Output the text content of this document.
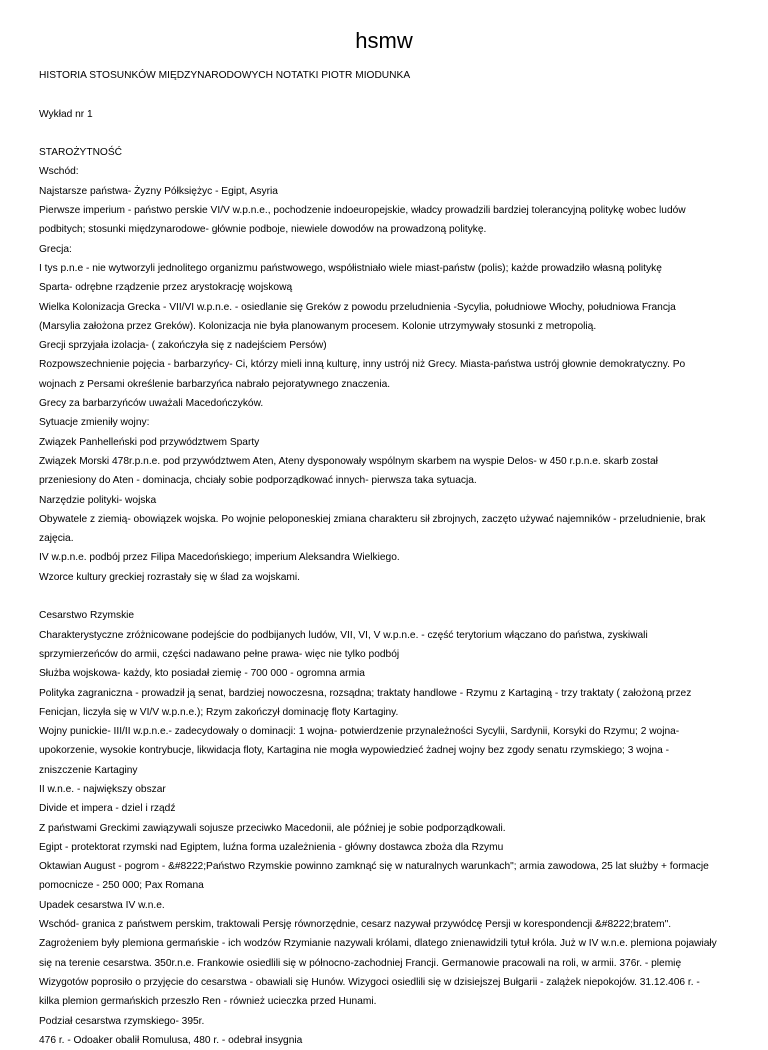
hsmw
HISTORIA STOSUNKÓW MIĘDZYNARODOWYCH NOTATKI PIOTR MIODUNKA
Wykład nr 1
STAROŻYTNOŚĆ
Wschód:
Najstarsze państwa- Żyzny Półksiężyc - Egipt, Asyria
Pierwsze imperium - państwo perskie VI/V w.p.n.e., pochodzenie indoeuropejskie, władcy prowadzili bardziej tolerancyjną politykę wobec ludów
podbitych; stosunki międzynarodowe- głównie podboje, niewiele dowodów na prowadzoną politykę.
Grecja:
I tys p.n.e - nie wytworzyli jednolitego organizmu państwowego, współistniało wiele miast-państw (polis); każde prowadziło własną politykę
Sparta- odrębne rządzenie przez arystokrację wojskową
Wielka Kolonizacja Grecka - VII/VI w.p.n.e. - osiedlanie się Greków z powodu przeludnienia -Sycylia, południowe Włochy, południowa Francja
(Marsylia założona przez Greków). Kolonizacja nie była planowanym procesem. Kolonie utrzymywały stosunki z metropolią.
Grecji sprzyjała izolacja- ( zakończyła się z nadejściem Persów)
Rozpowszechnienie pojęcia - barbarzyńcy- Ci, którzy mieli inną kulturę, inny ustrój niż Grecy. Miasta-państwa ustrój głownie demokratyczny. Po
wojnach z Persami określenie barbarzyńca nabrało pejoratywnego znaczenia.
Grecy za barbarzyńców uważali Macedończyków.
Sytuacje zmieniły wojny:
Związek Panhelleński pod przywództwem Sparty
Związek Morski 478r.p.n.e. pod przywództwem Aten, Ateny dysponowały wspólnym skarbem na wyspie Delos- w 450 r.p.n.e. skarb został
przeniesiony do Aten - dominacja, chciały sobie podporządkować innych- pierwsza taka sytuacja.
Narzędzie polityki- wojska
Obywatele z ziemią- obowiązek wojska. Po wojnie peloponeskiej zmiana charakteru sił zbrojnych, zaczęto używać najemników - przeludnienie, brak
zajęcia.
IV w.p.n.e. podbój przez Filipa Macedońskiego; imperium Aleksandra Wielkiego.
Wzorce kultury greckiej rozrastały się w ślad za wojskami.
Cesarstwo Rzymskie
Charakterystyczne zróżnicowane podejście do podbijanych ludów, VII, VI, V w.p.n.e. - część terytorium włączano do państwa, zyskiwali
sprzymierzeńców do armii, części nadawano pełne prawa- więc nie tylko podbój
Służba wojskowa- każdy, kto posiadał ziemię - 700 000 - ogromna armia
Polityka zagraniczna - prowadził ją senat, bardziej nowoczesna, rozsądna; traktaty handlowe - Rzymu z Kartaginą - trzy traktaty ( założoną przez
Fenicjan, liczyła się w VI/V w.p.n.e.); Rzym zakończył dominację floty Kartaginy.
Wojny punickie- III/II w.p.n.e.- zadecydowały o dominacji: 1 wojna- potwierdzenie przynależności Sycylii, Sardynii, Korsyki do Rzymu; 2 wojna-
upokorzenie, wysokie kontrybucje, likwidacja floty, Kartagina nie mogła wypowiedzieć żadnej wojny bez zgody senatu rzymskiego; 3 wojna -
zniszczenie Kartaginy
II w.n.e. - największy obszar
Divide et impera - dziel i rządź
Z państwami Greckimi zawiązywali sojusze przeciwko Macedonii, ale później je sobie podporządkowali.
Egipt - protektorat rzymski nad Egiptem, luźna forma uzależnienia - główny dostawca zboża dla Rzymu
Oktawian August - pogrom - &#8222;Państwo Rzymskie powinno zamknąć się w naturalnych warunkach"; armia zawodowa, 25 lat służby + formacje
pomocnicze - 250 000; Pax Romana
Upadek cesarstwa IV w.n.e.
Wschód- granica z państwem perskim, traktowali Persję równorzędnie, cesarz nazywał przywódcę Persji w korespondencji &#8222;bratem".
Zagrożeniem były plemiona germańskie - ich wodzów Rzymianie nazywali królami, dlatego znienawidzili tytuł króla. Już w IV w.n.e. plemiona pojawiały
się na terenie cesarstwa. 350r.n.e. Frankowie osiedlili się w północno-zachodniej Francji. Germanowie pracowali na roli, w armii. 376r. - plemię
Wizygotów poprosiło o przyjęcie do cesarstwa - obawiali się Hunów. Wizygoci osiedlili się w dzisiejszej Bułgarii - zalążek niepokojów. 31.12.406 r. -
kilka plemion germańskich przeszło Ren - również ucieczka przed Hunami.
Podział cesarstwa rzymskiego- 395r.
476 r. - Odoaker obalił Romulusa, 480 r. - odebrał insygnia
